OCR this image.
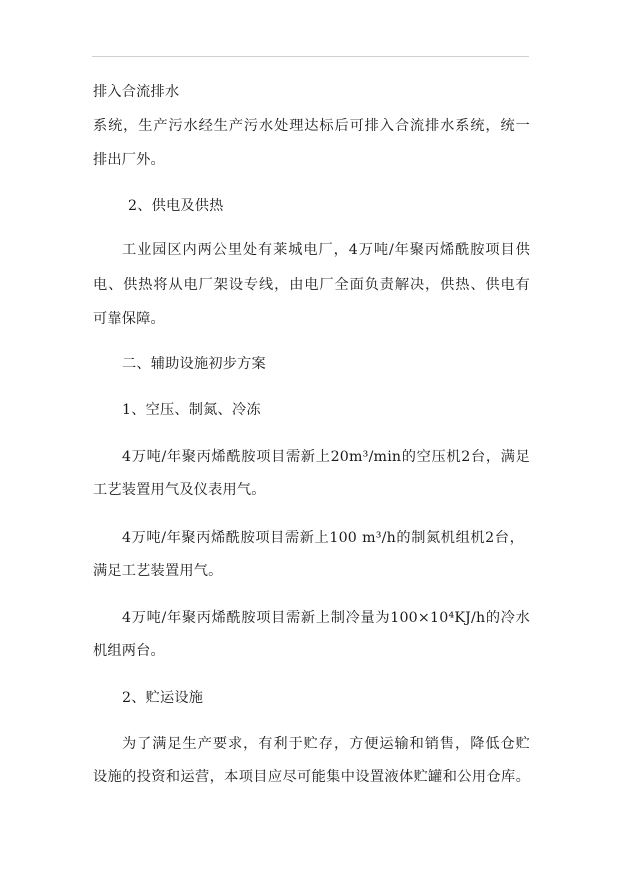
排入合流排水
系统，生产污水经生产污水处理达标后可排入合流排水系统，统一
排出厂外。
2、供电及供热
工业园区内两公里处有莱城电厂，4万吨/年聚丙烯酰胺项目供
电、供热将从电厂架设专线，由电厂全面负责解决，供热、供电有
可靠保障。
二、辅助设施初步方案
1、空压、制氮、冷冻
4万吨/年聚丙烯酰胺项目需新上20m³/min的空压机2台，满足
工艺装置用气及仪表用气。
4万吨/年聚丙烯酰胺项目需新上100 m³/h的制氮机组机2台，
满足工艺装置用气。
4万吨/年聚丙烯酰胺项目需新上制冷量为100×10⁴KJ/h的冷水
机组两台。
2、贮运设施
为了满足生产要求，有利于贮存，方便运输和销售，降低仓贮
设施的投资和运营，本项目应尽可能集中设置液体贮罐和公用仓库。
